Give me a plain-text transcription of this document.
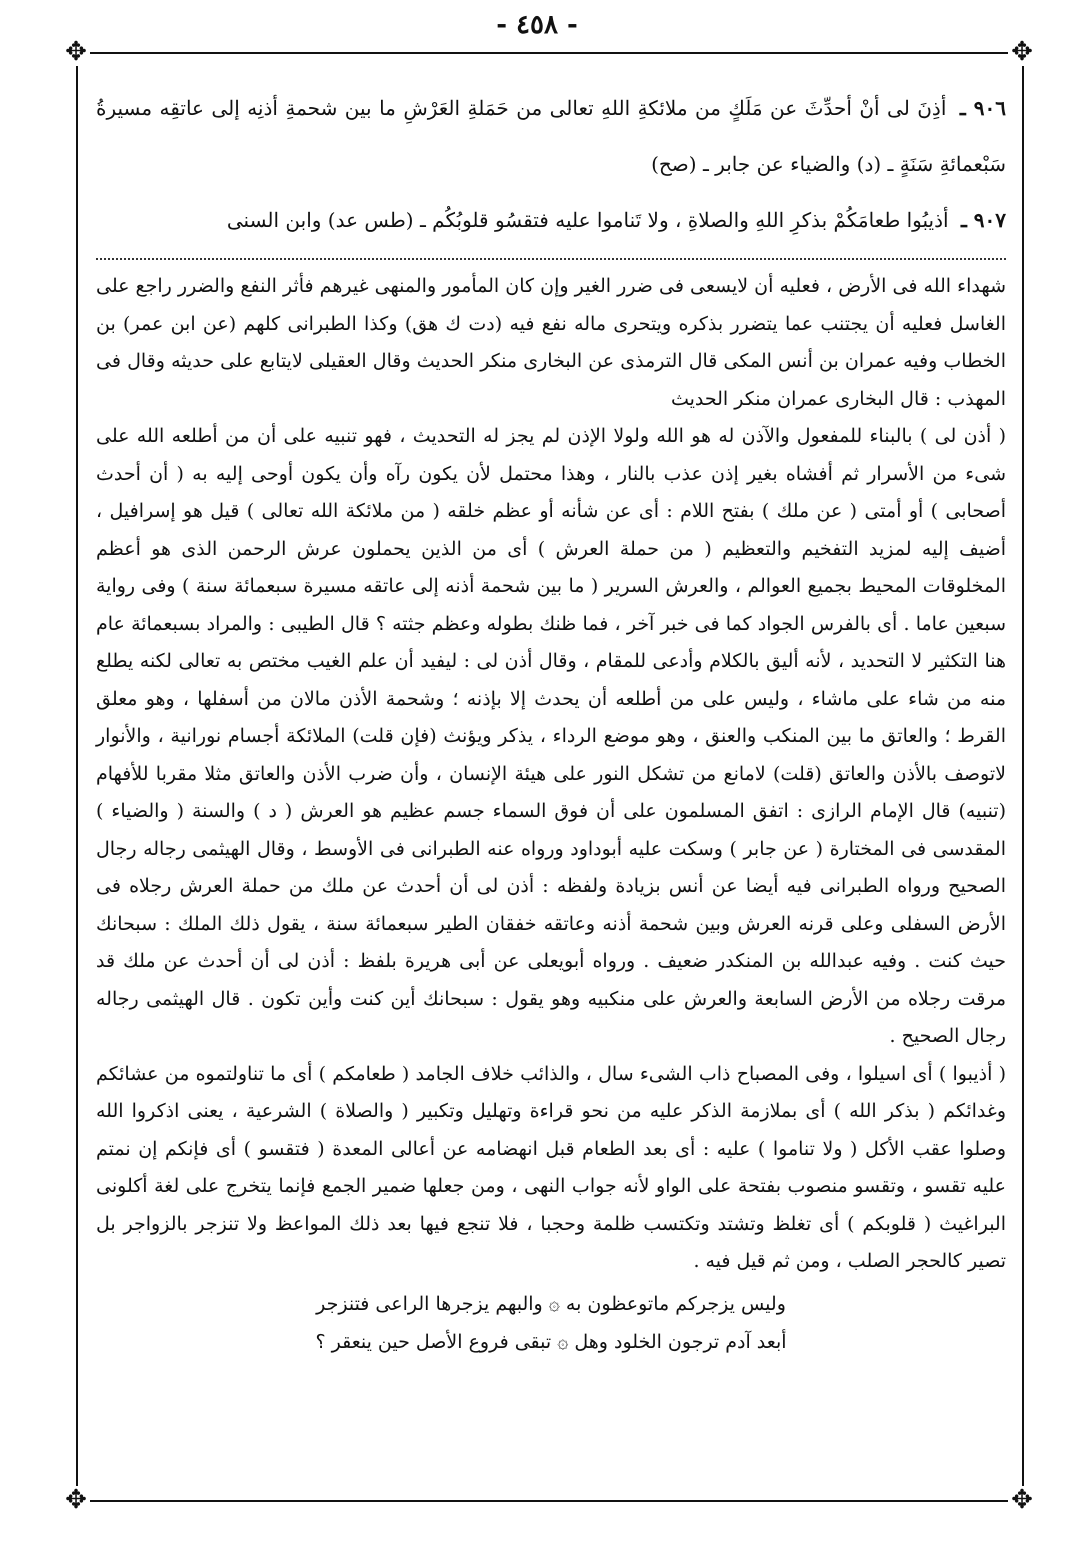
- ٤٥٨ -
✥	✥
✥	✥

٩٠٦ ـ أذِنَ لى أنْ أحدِّثَ عن مَلَكٍ من ملائكةِ اللهِ تعالى من حَمَلةِ العَرْشِ ما بين شحمةِ أذنِه إلى عاتقِه مسيرةُ سَبْعمائةِ سَنَةٍ ـ (د) والضياء عن جابر ـ (صح)

٩٠٧ ـ أذيبُوا طعامَكُمْ بذكرِ اللهِ والصلاةِ ، ولا تَناموا عليه فتقسُو قلوبُكُم ـ (طس عد) وابن السنى

شهداء الله فى الأرض ، فعليه أن لايسعى فى ضرر الغير وإن كان المأمور والمنهى غيرهم فأثر النفع والضرر راجع على الغاسل فعليه أن يجتنب عما يتضرر بذكره ويتحرى ماله نفع فيه (دت ك هق) وكذا الطبرانى كلهم (عن ابن عمر) بن الخطاب وفيه عمران بن أنس المكى قال الترمذى عن البخارى منكر الحديث وقال العقيلى لايتابع على حديثه وقال فى المهذب : قال البخارى عمران منكر الحديث

( أذن لى ) بالبناء للمفعول والآذن له هو الله ولولا الإذن لم يجز له التحديث ، فهو تنبيه على أن من أطلعه الله على شىء من الأسرار ثم أفشاه بغير إذن عذب بالنار ، وهذا محتمل لأن يكون رآه وأن يكون أوحى إليه به ( أن أحدث أصحابى ) أو أمتى ( عن ملك ) بفتح اللام : أى عن شأنه أو عظم خلقه ( من ملائكة الله تعالى ) قيل هو إسرافيل ، أضيف إليه لمزيد التفخيم والتعظيم ( من حملة العرش ) أى من الذين يحملون عرش الرحمن الذى هو أعظم المخلوقات المحيط بجميع العوالم ، والعرش السرير ( ما بين شحمة أذنه إلى عاتقه مسيرة سبعمائة سنة ) وفى رواية سبعين عاما . أى بالفرس الجواد كما فى خبر آخر ، فما ظنك بطوله وعظم جثته ؟ قال الطيبى : والمراد بسبعمائة عام هنا التكثير لا التحديد ، لأنه أليق بالكلام وأدعى للمقام ، وقال أذن لى : ليفيد أن علم الغيب مختص به تعالى لكنه يطلع منه من شاء على ماشاء ، وليس على من أطلعه أن يحدث إلا بإذنه ؛ وشحمة الأذن مالان من أسفلها ، وهو معلق القرط ؛ والعاتق ما بين المنكب والعنق ، وهو موضع الرداء ، يذكر ويؤنث (فإن قلت) الملائكة أجسام نورانية ، والأنوار لاتوصف بالأذن والعاتق (قلت) لامانع من تشكل النور على هيئة الإنسان ، وأن ضرب الأذن والعاتق مثلا مقربا للأفهام (تنبيه) قال الإمام الرازى : اتفق المسلمون على أن فوق السماء جسم عظيم هو العرش ( د ) والسنة ( والضياء ) المقدسى فى المختارة ( عن جابر ) وسكت عليه أبوداود ورواه عنه الطبرانى فى الأوسط ، وقال الهيثمى رجاله رجال الصحيح ورواه الطبرانى فيه أيضا عن أنس بزيادة ولفظه : أذن لى أن أحدث عن ملك من حملة العرش رجلاه فى الأرض السفلى وعلى قرنه العرش وبين شحمة أذنه وعاتقه خفقان الطير سبعمائة سنة ، يقول ذلك الملك : سبحانك حيث كنت . وفيه عبدالله بن المنكدر ضعيف . ورواه أبويعلى عن أبى هريرة بلفظ : أذن لى أن أحدث عن ملك قد مرقت رجلاه من الأرض السابعة والعرش على منكبيه وهو يقول : سبحانك أين كنت وأين تكون . قال الهيثمى رجاله رجال الصحيح .

( أذيبوا ) أى اسيلوا ، وفى المصباح ذاب الشىء سال ، والذائب خلاف الجامد ( طعامكم ) أى ما تناولتموه من عشائكم وغدائكم ( بذكر الله ) أى بملازمة الذكر عليه من نحو قراءة وتهليل وتكبير ( والصلاة ) الشرعية ، يعنى اذكروا الله وصلوا عقب الأكل ( ولا تناموا ) عليه : أى بعد الطعام قبل انهضامه عن أعالى المعدة ( فتقسو ) أى فإنكم إن نمتم عليه تقسو ، وتقسو منصوب بفتحة على الواو لأنه جواب النهى ، ومن جعلها ضمير الجمع فإنما يتخرج على لغة أكلونى البراغيث ( قلوبكم ) أى تغلظ وتشتد وتكتسب ظلمة وحجبا ، فلا تنجع فيها بعد ذلك المواعظ ولا تنزجر بالزواجر بل تصير كالحجر الصلب ، ومن ثم قيل فيه .

وليس يزجركم ماتوعظون به ۞ والبهم يزجرها الراعى فتنزجر

أبعد آدم ترجون الخلود وهل ۞ تبقى فروع الأصل حين ينعقر ؟
